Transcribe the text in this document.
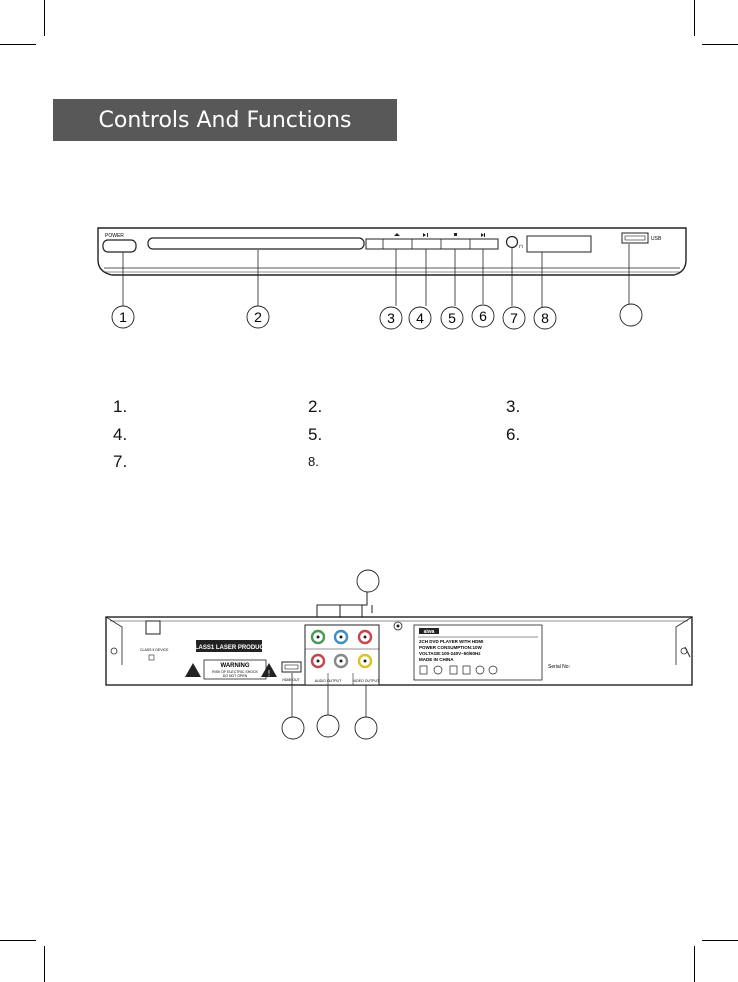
Controls And Functions
POWER
⊓
USB
1	2	3 4 5 6 7 8
1.	2.	3.
4.	5.	6.
7.	8.
CLASS II DEVICE	CLASS1 LASER PRODUCT
WARNING
RISK OF ELECTRIC SHOCK
DO NOT OPEN	!
AUDIO OUTPUT	VIDEO OUTPUT
HDMI OUT
aiwa
2CH DVD PLAYER WITH HDMI
POWER CONSUMPTION:10W
VOLTAGE:100-240V~50/60Hz
MADE IN CHINA
Serial No:
